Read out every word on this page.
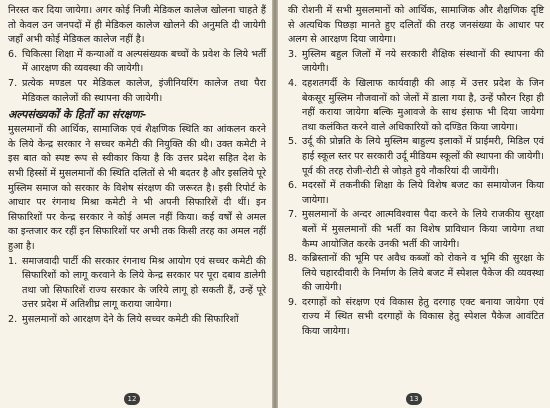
निरस्त कर दिया जायेगा। अगर कोई निजी मेडिकल कालेज खोलना चाहते हैं तो केवल उन जनपदों में ही मेडिकल कालेज खोलने की अनुमति दी जायेगी जहाँ अभी कोई मेडिकल कालेज नहीं है।

6. चिकित्सा शिक्षा में कन्याओं व अल्पसंख्यक बच्चों के प्रवेश के लिये भर्ती में आरक्षण की व्यवस्था की जायेगी।
7. प्रत्येक मण्डल पर मेडिकल कालेज, इंजीनियरिंग कालेज तथा पैरा मेडिकल कालेजों की स्थापना की जायेगी।
अल्पसंख्यकों के हितों का संरक्षणः-

मुसलमानों की आर्थिक, सामाजिक एवं शैक्षणिक स्थिति का आंकलन करने के लिये केन्द्र सरकार ने सच्चर कमेटी की नियुक्ति की थी। उक्त कमेटी ने इस बात को स्पष्ट रूप से स्वीकार किया है कि उत्तर प्रदेश सहित देश के सभी हिस्सों में मुसलमानों की स्थिति दलितों से भी बदतर है और इसलिये पूरे मुस्लिम समाज को सरकार के विशेष संरक्षण की जरूरत है। इसी रिपोर्ट के आधार पर रंगनाथ मिश्रा कमेटी ने भी अपनी सिफारिशें दी थीं। इन सिफारिशों पर केन्द्र सरकार ने कोई अमल नहीं किया। कई वर्षों से अमल का इन्तजार कर रहीं इन सिफारिशों पर अभी तक किसी तरह का अमल नहीं हुआ है।

1. समाजवादी पार्टी की सरकार रंगनाथ मिश्र आयोग एवं सच्चर कमेटी की सिफारिशों को लागू करवाने के लिये केन्द्र सरकार पर पूरा दबाव डालेगी तथा जो सिफारिशें राज्य सरकार के जरिये लागू हो सकती हैं, उन्हें पूरे उत्तर प्रदेश में अतिशीघ्र लागू कराया जायेगा।
2. मुसलमानों को आरक्षण देने के लिये सच्चर कमेटी की सिफारिशों
12

की रोशनी में सभी मुसलमानों को आर्थिक, सामाजिक और शैक्षणिक दृष्टि से अत्यधिक पिछड़ा मानते हुए दलितों की तरह जनसंख्या के आधार पर अलग से आरक्षण दिया जायेगा।

3. मुस्लिम बहुल जिलों में नये सरकारी शैक्षिक संस्थानों की स्थापना की जायेगी।
4. दहशतगर्दी के खिलाफ कार्यवाही की आड़ में उत्तर प्रदेश के जिन बेकसूर मुस्लिम नौजवानों को जेलों में डाला गया है, उन्हें फौरन रिहा ही नहीं कराया जायेगा बल्कि मुआवजे के साथ इंसाफ भी दिया जायेगा तथा कलंकित करने वाले अधिकारियों को दण्डित किया जायेगा।
5. उर्दू की प्रोन्नति के लिये मुस्लिम बाहुल्य इलाकों में प्राईमरी, मिडिल एवं हाई स्कूल स्तर पर सरकारी उर्दू मीडियम स्कूलों की स्थापना की जायेगी। पूर्व की तरह रोजी-रोटी से जोड़ते हुये नौकरियां दी जायेंगी।
6. मदरसों में तकनीकी शिक्षा के लिये विशेष बजट का समायोजन किया जायेगा।
7. मुसलमानों के अन्दर आत्मविश्वास पैदा करने के लिये राजकीय सुरक्षा बलों में मुसलमानों की भर्ती का विशेष प्राविधान किया जायेगा तथा कैम्प आयोजित करके उनकी भर्ती की जायेगी।
8. कब्रिस्तानों की भूमि पर अवैध कब्जों को रोकने व भूमि की सुरक्षा के लिये चहारदीवारी के निर्माण के लिये बजट में स्पेशल पैकेज की व्यवस्था की जायेगी।
9. दरगाहों को संरक्षण एवं विकास हेतु दरगाह एक्ट बनाया जायेगा एवं राज्य में स्थित सभी दरगाहों के विकास हेतु स्पेशल पैकेज आवंटित किया जायेगा।
13
